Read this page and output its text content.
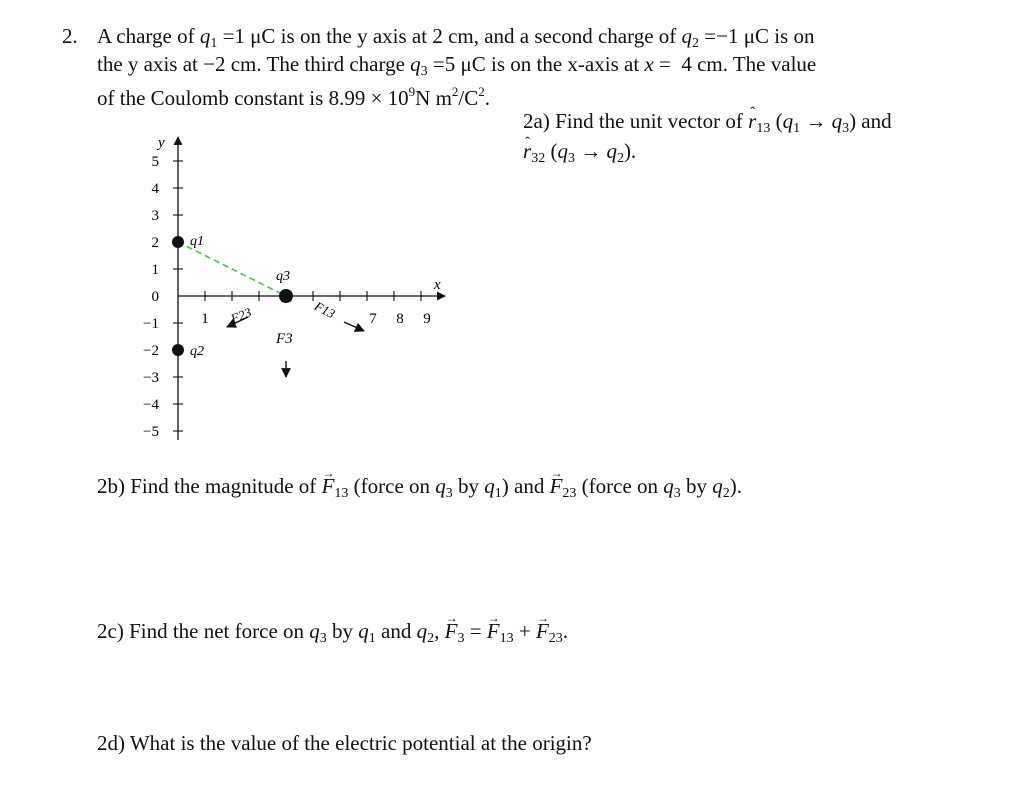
2. A charge of $q_1 =1$ μC is on the y axis at 2 cm, and a second charge of $q_2 =-1$ μC is on
the y axis at −2 cm. The third charge $q_3 =5$ μC is on the x-axis at x =  4 cm. The value
of the Coulomb constant is $8.99 \times 10^9N$ $m^2/C^2$.
2a) Find the unit vector of ˆ $r_{13}$ $(q_1 \to q_3)$ and
ˆ $r_{32}$ $(q_3 \to q_2)$.
y
5
4
3
2
1
0
−1
−2
−3
−4
−5
x
1	7 8 9
q1
q2
q3
F23	F13
F3
2b) Find the magnitude of → $F_{13}$ (force on $q_3$ by $q_1$) and → $F_{23}$ (force on $q_3$ by $q_2$).
2c) Find the net force on $q_3$ by $q_1$ and $q_2$, → $F_3$ = → $F_{13}$ + → $F_{23}$.
2d) What is the value of the electric potential at the origin?
